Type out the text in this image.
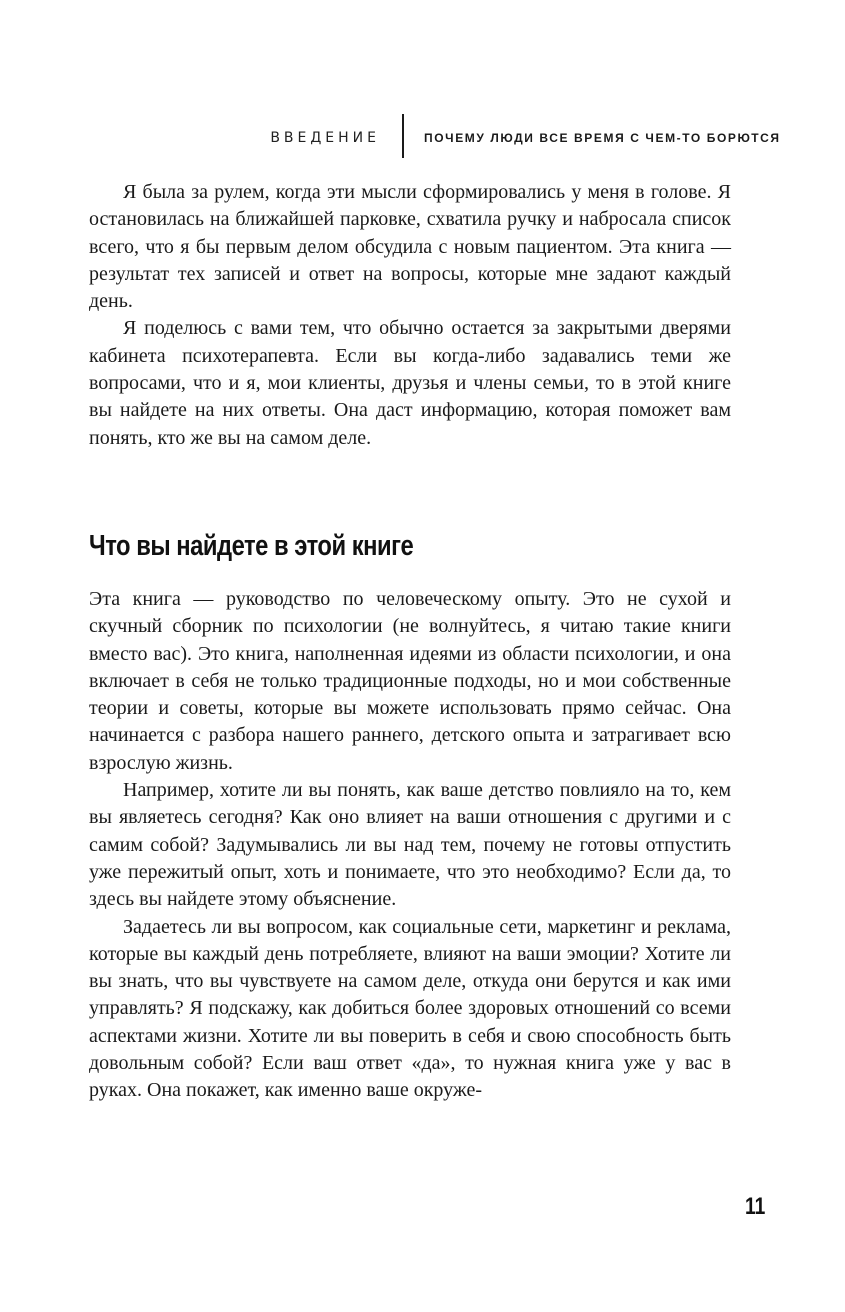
ВВЕДЕНИЕ	ПОЧЕМУ ЛЮДИ ВСЕ ВРЕМЯ С ЧЕМ-ТО БОРЮТСЯ

Я была за рулем, когда эти мысли сформировались у меня в голове. Я остановилась на ближайшей парковке, схватила ручку и набросала список всего, что я бы первым делом обсудила с новым пациентом. Эта книга — результат тех записей и ответ на вопросы, которые мне задают каждый день.

Я поделюсь с вами тем, что обычно остается за закрытыми дверями кабинета психотерапевта. Если вы когда-либо задавались теми же вопросами, что и я, мои клиенты, друзья и члены семьи, то в этой книге вы найдете на них ответы. Она даст информацию, которая поможет вам понять, кто же вы на самом деле.

Что вы найдете в этой книге

Эта книга — руководство по человеческому опыту. Это не сухой и скучный сборник по психологии (не волнуйтесь, я читаю такие книги вместо вас). Это книга, наполненная идеями из области психологии, и она включает в себя не только традиционные подходы, но и мои собственные теории и советы, которые вы можете использовать прямо сейчас. Она начинается с разбора нашего раннего, детского опыта и затрагивает всю взрослую жизнь.

Например, хотите ли вы понять, как ваше детство повлияло на то, кем вы являетесь сегодня? Как оно влияет на ваши отношения с другими и с самим собой? Задумывались ли вы над тем, почему не готовы отпустить уже пережитый опыт, хоть и понимаете, что это необходимо? Если да, то здесь вы найдете этому объяснение.

Задаетесь ли вы вопросом, как социальные сети, маркетинг и реклама, которые вы каждый день потребляете, влияют на ваши эмоции? Хотите ли вы знать, что вы чувствуете на самом деле, откуда они берутся и как ими управлять? Я подскажу, как добиться более здоровых отношений со всеми аспектами жизни. Хотите ли вы поверить в себя и свою способность быть довольным собой? Если ваш ответ «да», то нужная книга уже у вас в руках. Она покажет, как именно ваше окруже-

11
